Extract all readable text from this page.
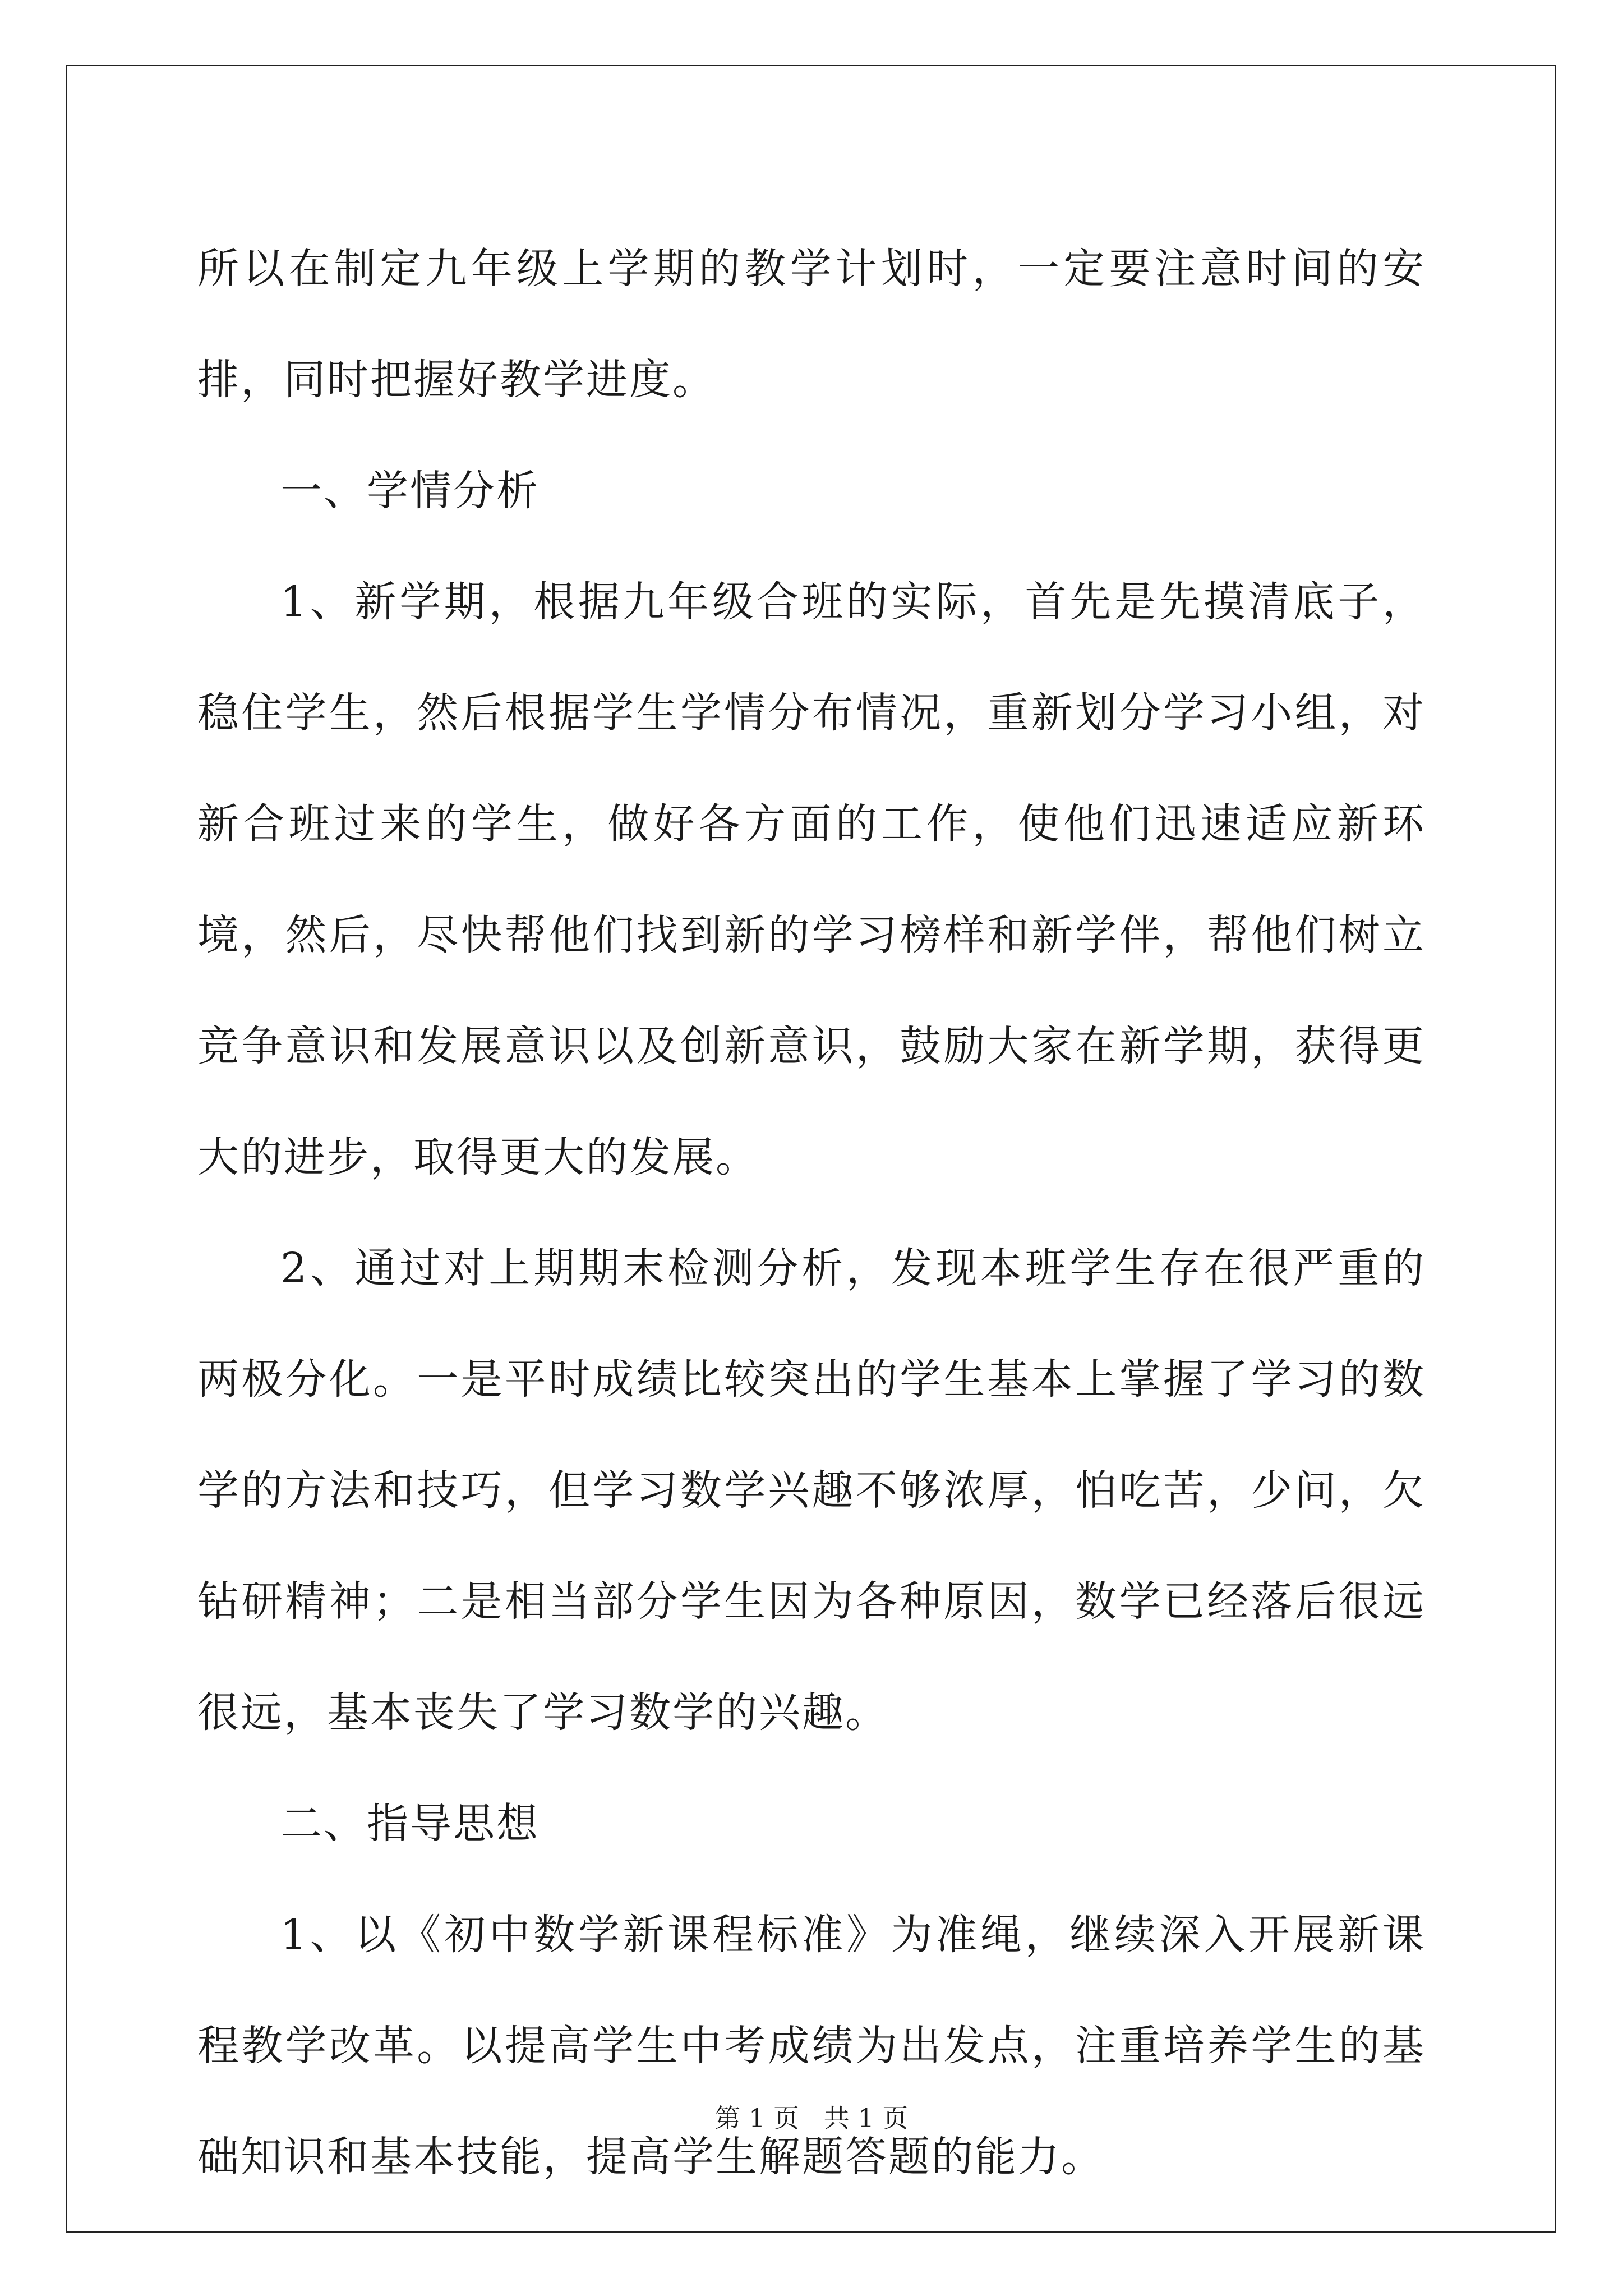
所以在制定九年级上学期的教学计划时，一定要注意时间的安排，同时把握好教学进度。

一、学情分析

1、新学期，根据九年级合班的实际，首先是先摸清底子，稳住学生，然后根据学生学情分布情况，重新划分学习小组，对新合班过来的学生，做好各方面的工作，使他们迅速适应新环境，然后，尽快帮他们找到新的学习榜样和新学伴，帮他们树立竞争意识和发展意识以及创新意识，鼓励大家在新学期，获得更大的进步，取得更大的发展。

2、通过对上期期末检测分析，发现本班学生存在很严重的两极分化。一是平时成绩比较突出的学生基本上掌握了学习的数学的方法和技巧，但学习数学兴趣不够浓厚，怕吃苦，少问，欠钻研精神；二是相当部分学生因为各种原因，数学已经落后很远很远，基本丧失了学习数学的兴趣。

二、指导思想

1、以《初中数学新课程标准》为准绳，继续深入开展新课程教学改革。以提高学生中考成绩为出发点，注重培养学生的基础知识和基本技能，提高学生解题答题的能力。

第 1 页   共 1 页
